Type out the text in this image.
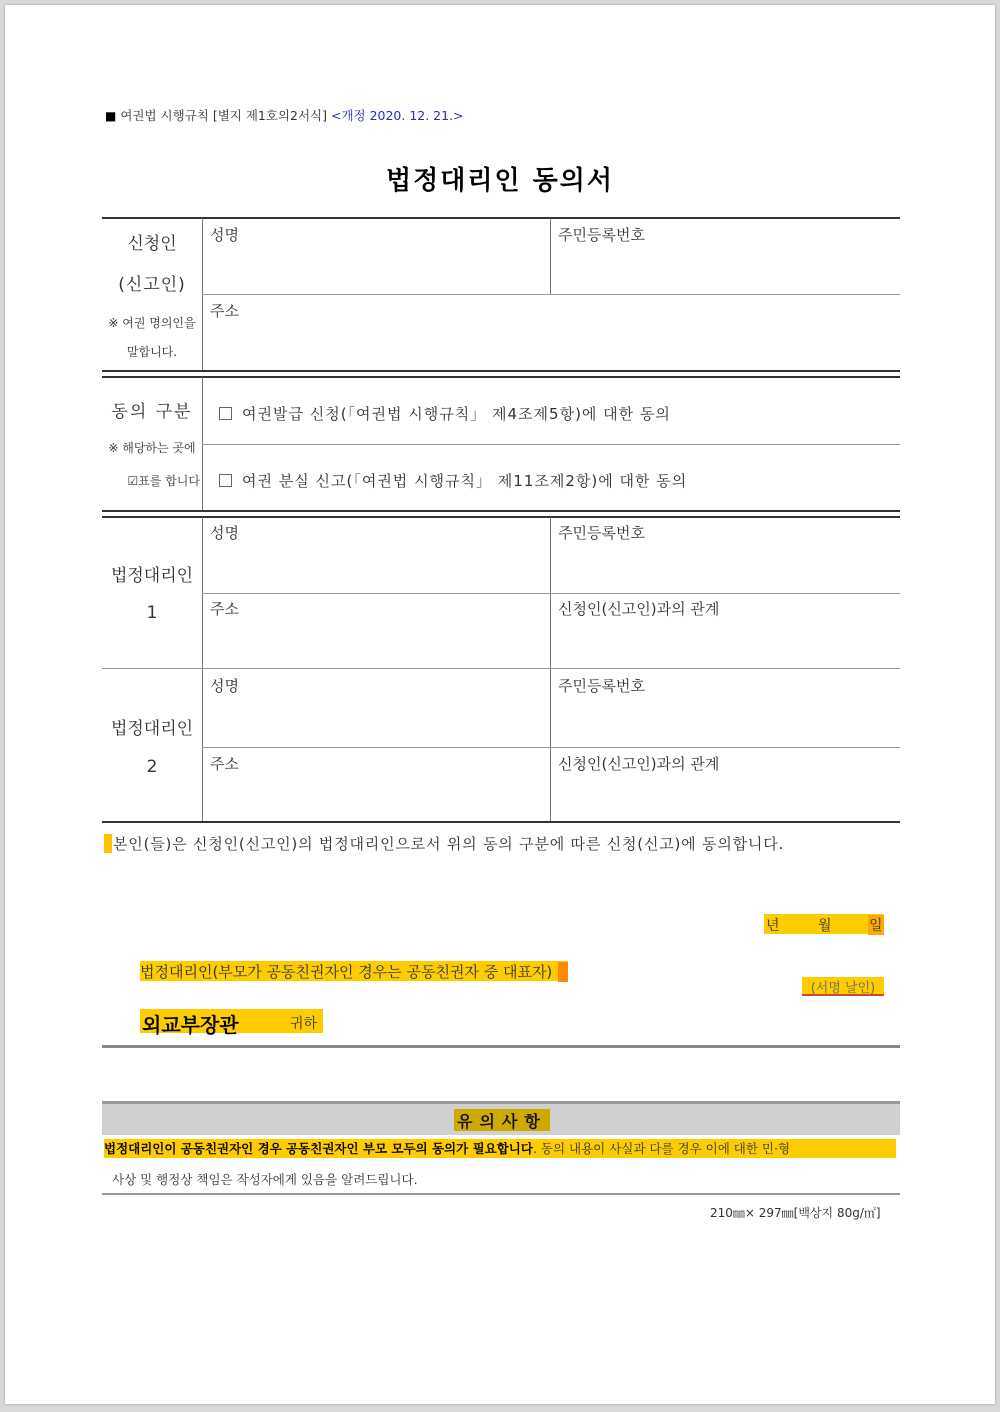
■ 여권법 시행규칙 [별지 제1호의2서식] <개정 2020. 12. 21.>
법정대리인 동의서
신청인
(신고인)
※ 여권 명의인을
말합니다.
성명	주민등록번호
주소
동의 구분
※ 해당하는 곳에
☑표를 합니다
여권발급 신청(「여권법 시행규칙」 제4조제5항)에 대한 동의
여권 분실 신고(「여권법 시행규칙」 제11조제2항)에 대한 동의
법정대리인
1
성명	주민등록번호
주소	신청인(신고인)과의 관계
법정대리인
2
성명	주민등록번호
주소	신청인(신고인)과의 관계
본인(들)은 신청인(신고인)의 법정대리인으로서 위의 동의 구분에 따른 신청(신고)에 동의합니다.
년	월	일
법정대리인(부모가 공동친권자인 경우는 공동친권자 중 대표자)
(서명 날인)
외교부장관	귀하
유의사항
법정대리인이 공동친권자인 경우 공동친권자인 부모 모두의 동의가 필요합니다. 동의 내용이 사실과 다를 경우 이에 대한 민·형
사상 및 행정상 책임은 작성자에게 있음을 알려드립니다.
210㎜× 297㎜[백상지 80g/㎡]
